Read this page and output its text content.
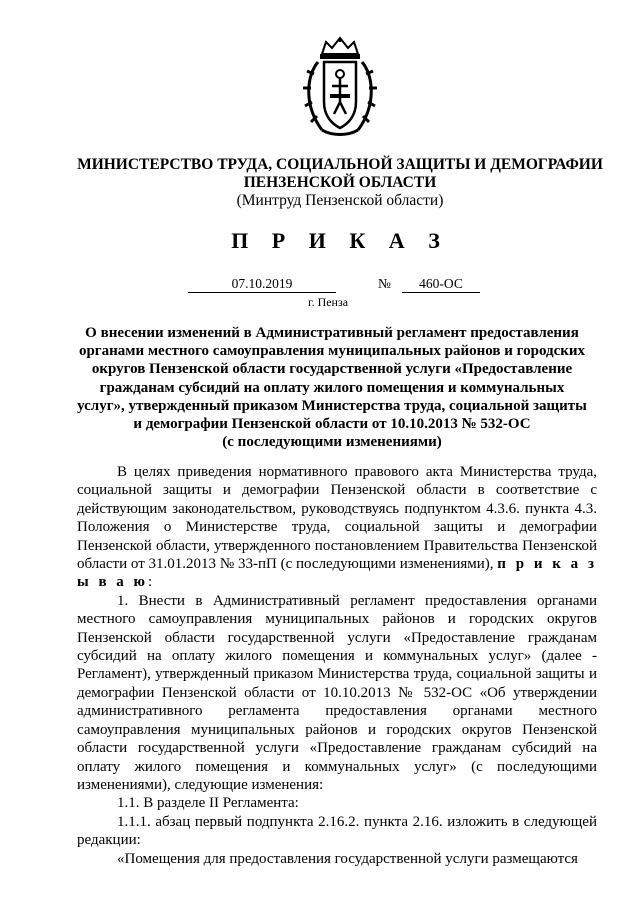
МИНИСТЕРСТВО ТРУДА, СОЦИАЛЬНОЙ ЗАЩИТЫ И ДЕМОГРАФИИ
ПЕНЗЕНСКОЙ ОБЛАСТИ
(Минтруд Пензенской области)
П Р И К А З
07.10.2019	№	460-ОС
г. Пенза
О внесении изменений в Административный регламент предоставления
органами местного самоуправления муниципальных районов и городских
округов Пензенской области государственной услуги «Предоставление
гражданам субсидий на оплату жилого помещения и коммунальных
услуг», утвержденный приказом Министерства труда, социальной защиты
и демографии Пензенской области от 10.10.2013 № 532-ОС
(с последующими изменениями)

В целях приведения нормативного правового акта Министерства труда, социальной защиты и демографии Пензенской области в соответствие с действующим законодательством, руководствуясь подпунктом 4.3.6. пункта 4.3. Положения о Министерстве труда, социальной защиты и демографии Пензенской области, утвержденного постановлением Правительства Пензенской области от 31.01.2013 № 33-пП (с последующими изменениями), п р и к а з ы в а ю:

1. Внести в Административный регламент предоставления органами местного самоуправления муниципальных районов и городских округов Пензенской области государственной услуги «Предоставление гражданам субсидий на оплату жилого помещения и коммунальных услуг» (далее - Регламент), утвержденный приказом Министерства труда, социальной защиты и демографии Пензенской области от 10.10.2013 № 532-ОС «Об утверждении административного регламента предоставления органами местного самоуправления муниципальных районов и городских округов Пензенской области государственной услуги «Предоставление гражданам субсидий на оплату жилого помещения и коммунальных услуг» (с последующими изменениями), следующие изменения:

1.1. В разделе II Регламента:

1.1.1. абзац первый подпункта 2.16.2. пункта 2.16. изложить в следующей редакции:

«Помещения для предоставления государственной услуги размещаются
